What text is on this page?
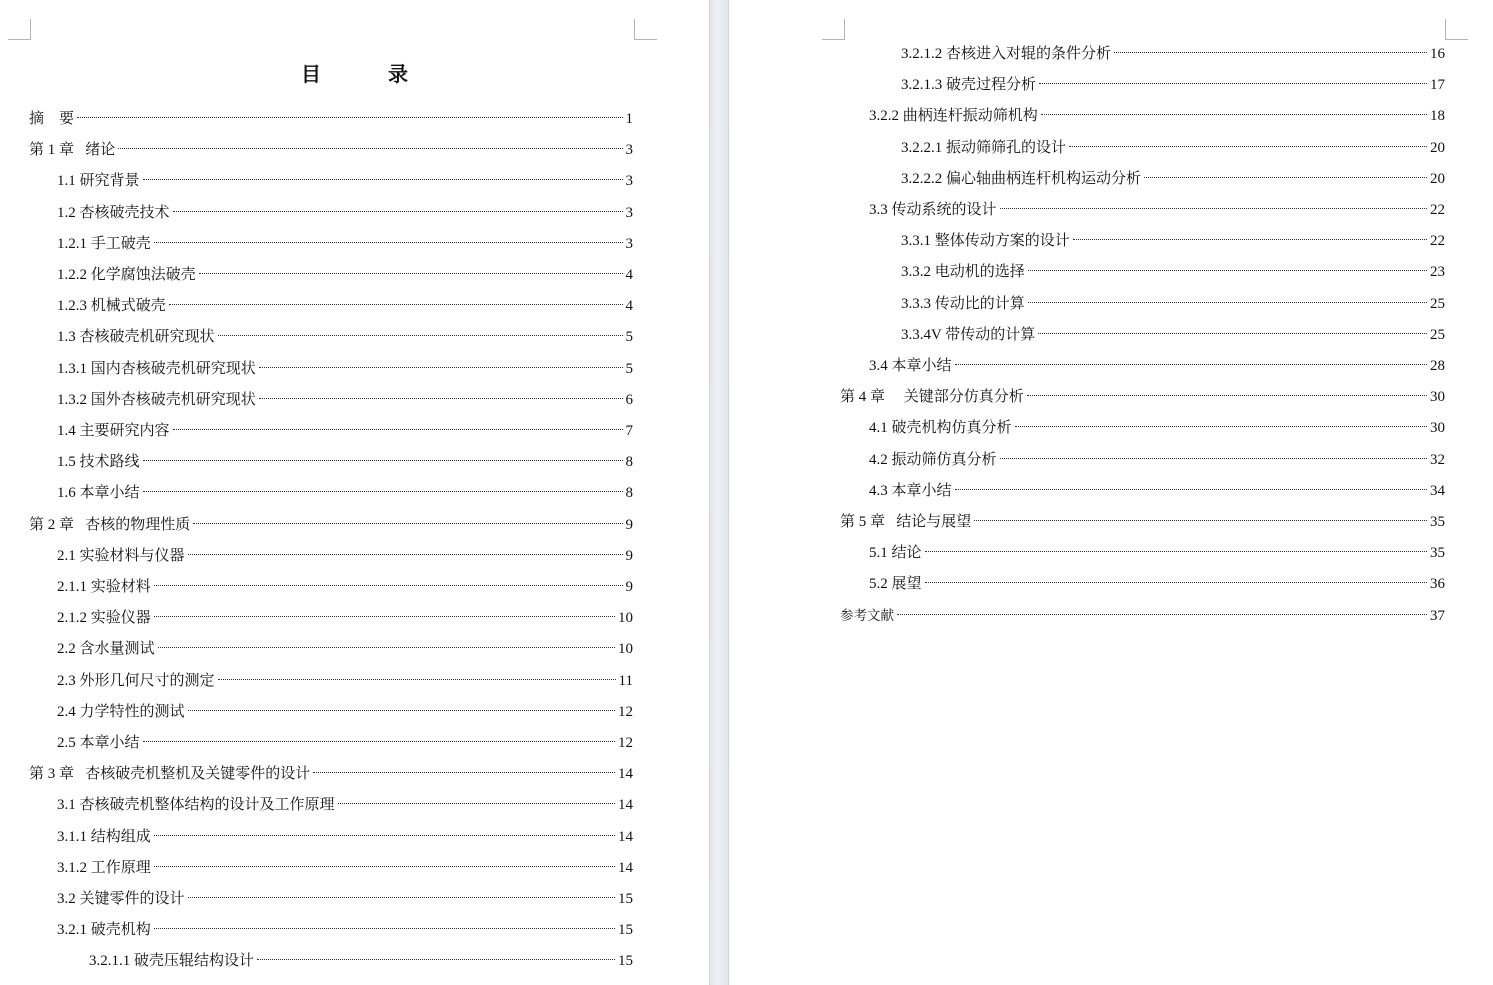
目 录
摘    要	1
第 1 章   绪论	3
1.1 研究背景	3
1.2 杏核破壳技术	3
1.2.1 手工破壳	3
1.2.2 化学腐蚀法破壳	4
1.2.3 机械式破壳	4
1.3 杏核破壳机研究现状	5
1.3.1 国内杏核破壳机研究现状	5
1.3.2 国外杏核破壳机研究现状	6
1.4 主要研究内容	7
1.5 技术路线	8
1.6 本章小结	8
第 2 章   杏核的物理性质	9
2.1 实验材料与仪器	9
2.1.1 实验材料	9
2.1.2 实验仪器	10
2.2 含水量测试	10
2.3 外形几何尺寸的测定	11
2.4 力学特性的测试	12
2.5 本章小结	12
第 3 章   杏核破壳机整机及关键零件的设计	14
3.1 杏核破壳机整体结构的设计及工作原理	14
3.1.1 结构组成	14
3.1.2 工作原理	14
3.2 关键零件的设计	15
3.2.1 破壳机构	15
3.2.1.1 破壳压辊结构设计	15
3.2.1.2 杏核进入对辊的条件分析	16
3.2.1.3 破壳过程分析	17
3.2.2 曲柄连杆振动筛机构	18
3.2.2.1 振动筛筛孔的设计	20
3.2.2.2 偏心轴曲柄连杆机构运动分析	20
3.3 传动系统的设计	22
3.3.1 整体传动方案的设计	22
3.3.2 电动机的选择	23
3.3.3 传动比的计算	25
3.3.4V 带传动的计算	25
3.4 本章小结	28
第 4 章     关键部分仿真分析	30
4.1 破壳机构仿真分析	30
4.2 振动筛仿真分析	32
4.3 本章小结	34
第 5 章   结论与展望	35
5.1 结论	35
5.2 展望	36
参考文献	37
